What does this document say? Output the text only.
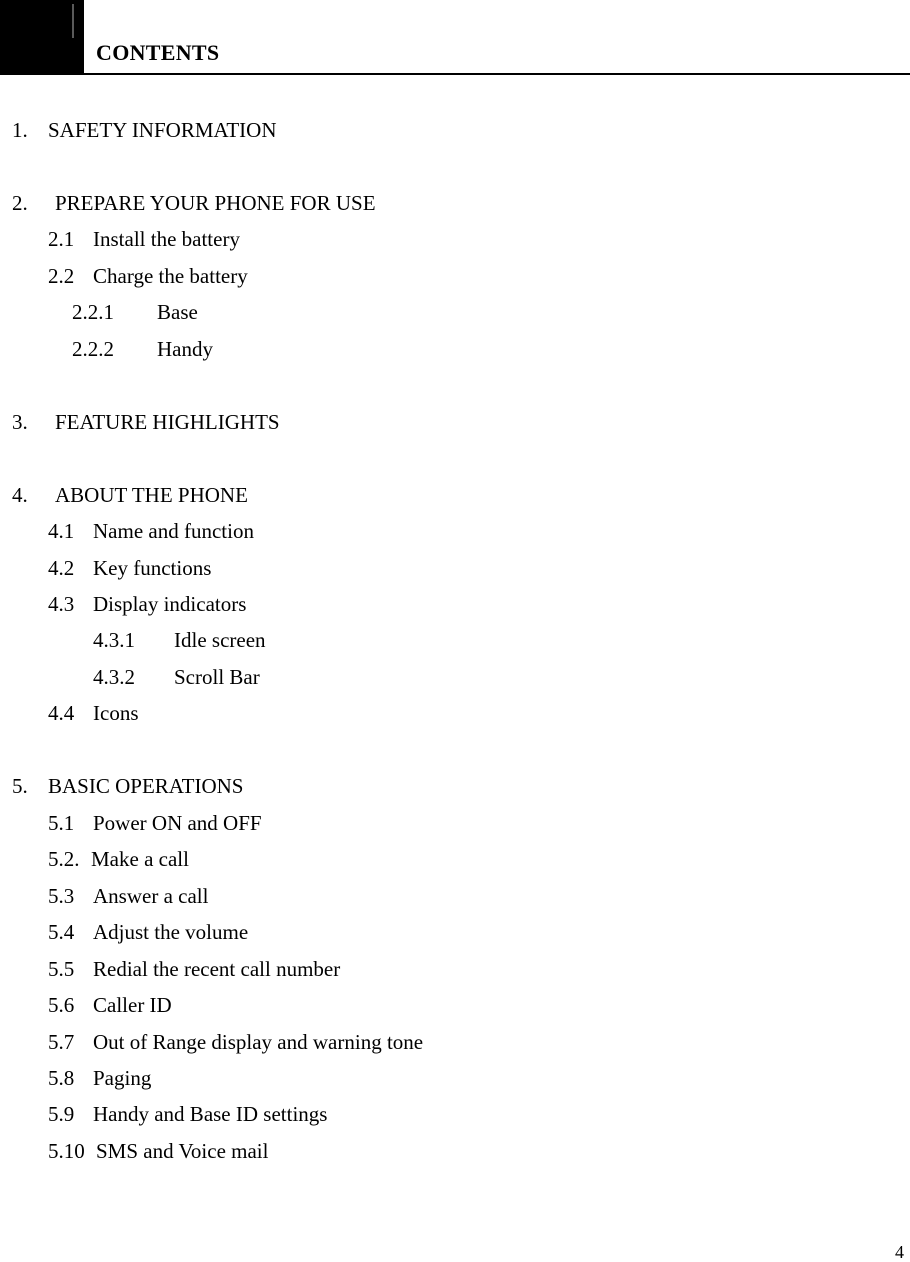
CONTENTS
1. SAFETY INFORMATION
2. PREPARE YOUR PHONE FOR USE
2.1 Install the battery
2.2 Charge the battery
2.2.1 Base
2.2.2 Handy
3. FEATURE HIGHLIGHTS
4. ABOUT THE PHONE
4.1 Name and function
4.2 Key functions
4.3 Display indicators
4.3.1 Idle screen
4.3.2 Scroll Bar
4.4 Icons
5. BASIC OPERATIONS
5.1 Power ON and OFF
5.2. Make a call
5.3 Answer a call
5.4 Adjust the volume
5.5 Redial the recent call number
5.6 Caller ID
5.7 Out of Range display and warning tone
5.8 Paging
5.9 Handy and Base ID settings
5.10 SMS and Voice mail
4
